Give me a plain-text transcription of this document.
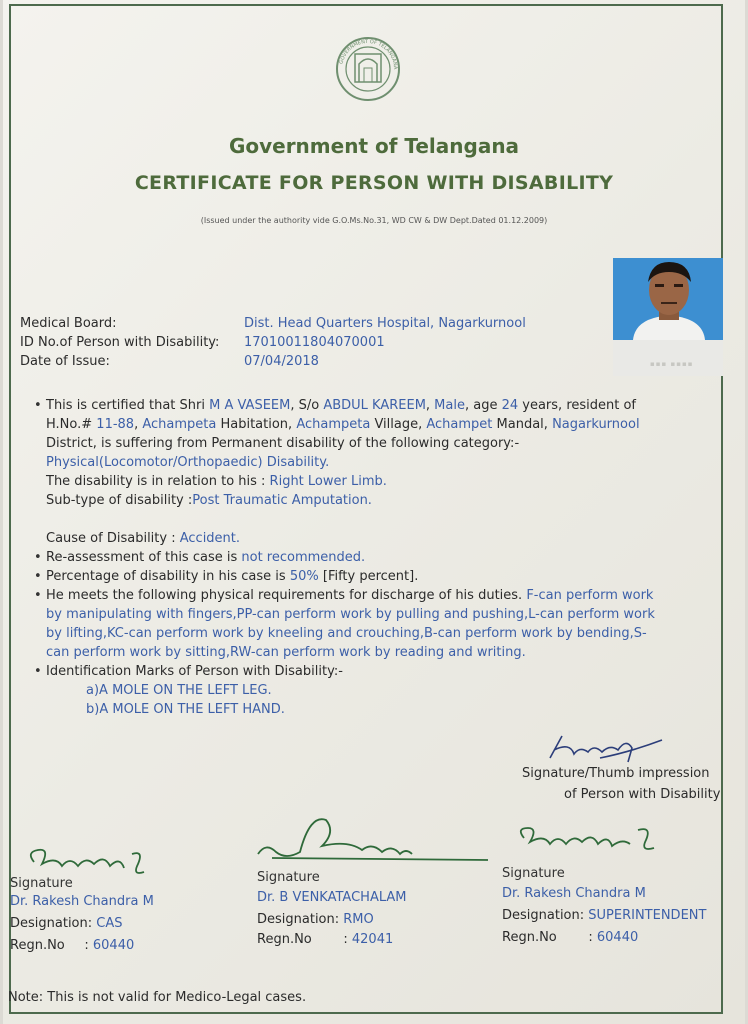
GOVERNMENT OF TELANGANA
Government of Telangana
CERTIFICATE FOR PERSON WITH DISABILITY
(Issued under the authority vide G.O.Ms.No.31, WD CW & DW Dept.Dated 01.12.2009)
▪▪▪ ▪▪▪▪
Medical Board:	Dist. Head Quarters Hospital, Nagarkurnool
ID No.of Person with Disability: 17010011804070001
Date of Issue:	07/04/2018
• This is certified that Shri M A VASEEM, S/o ABDUL KAREEM, Male, age 24 years, resident of
H.No.# 11-88, Achampeta Habitation, Achampeta Village, Achampet Mandal, Nagarkurnool
District, is suffering from Permanent disability of the following category:-
Physical(Locomotor/Orthopaedic) Disability.
The disability is in relation to his : Right Lower Limb.
Sub-type of disability :Post Traumatic Amputation.
Cause of Disability : Accident.
• Re-assessment of this case is not recommended.
• Percentage of disability in his case is 50% [Fifty percent].
• He meets the following physical requirements for discharge of his duties. F-can perform work
by manipulating with fingers,PP-can perform work by pulling and pushing,L-can perform work
by lifting,KC-can perform work by kneeling and crouching,B-can perform work by bending,S-
can perform work by sitting,RW-can perform work by reading and writing.
• Identification Marks of Person with Disability:-
a)A MOLE ON THE LEFT LEG.
b)A MOLE ON THE LEFT HAND.
Signature/Thumb impression
of Person with Disability
Signature
Dr. Rakesh Chandra M
Designation: CAS
Regn.No : 60440
Signature
Dr. B VENKATACHALAM
Designation: RMO
Regn.No : 42041
Signature
Dr. Rakesh Chandra M
Designation: SUPERINTENDENT
Regn.No : 60440
Note: This is not valid for Medico-Legal cases.
